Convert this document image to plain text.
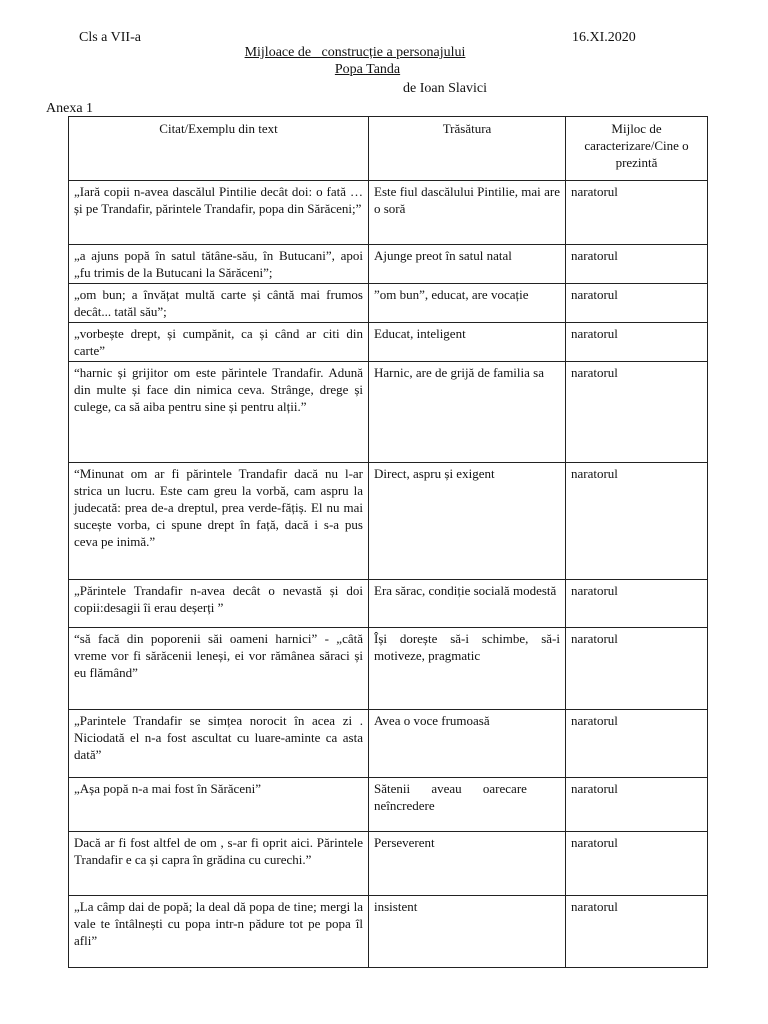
Cls a VII-a	16.XI.2020
Mijloace de   construcție a personajului
Popa Tanda
de Ioan Slavici
Anexa 1
Citat/Exemplu din text	Trăsătura	Mijloc de caracterizare/Cine o prezintă
„Iară copii n-avea dascălul Pintilie decât doi: o fată … și pe Trandafir, părintele Trandafir, popa din Sărăceni;”	Este fiul dascălului Pintilie, mai are o soră	naratorul
„a ajuns popă în satul tătâne-său, în Butucani”, apoi „fu trimis de la Butucani la Sărăceni”;	Ajunge preot în satul natal	naratorul
„om bun; a învățat multă carte și cântă mai frumos decât... tatăl său”;	”om bun”, educat, are vocație	naratorul
„vorbește drept, și cumpănit, ca și când ar citi din carte”	Educat, inteligent	naratorul
“harnic și grijitor om este părintele Trandafir. Adună din multe și face din nimica ceva. Strânge, drege și culege, ca să aiba pentru sine și pentru alții.”	Harnic, are de grijă de familia sa	naratorul
“Minunat om ar fi părintele Trandafir dacă nu l-ar strica un lucru. Este cam greu la vorbă, cam aspru la judecată: prea de-a dreptul, prea verde-fățiș. El nu mai sucește vorba, ci spune drept în față, dacă i s-a pus ceva pe inimă.”	Direct, aspru și exigent	naratorul
„Părintele Trandafir n-avea decât o nevastă și doi copii:desagii îi erau deșerți ”	Era sărac, condiție socială modestă	naratorul
“să facă din poporenii săi oameni harnici” - „câtă vreme vor fi sărăcenii leneși, ei vor rămânea săraci și eu flămând”	Își dorește să-i schimbe, să-i motiveze, pragmatic	naratorul
„Parintele Trandafir se simțea norocit în acea zi . Niciodată el n-a fost ascultat cu luare-aminte ca asta dată”	Avea o voce frumoasă	naratorul
„Așa popă n-a mai fost în Sărăceni”	Sătenii aveau oarecare neîncredere	naratorul
Dacă ar fi fost altfel de om , s-ar fi oprit aici. Părintele Trandafir e ca și capra în grădina cu curechi.”	Perseverent	naratorul
„La câmp dai de popă; la deal dă popa de tine; mergi la vale te întâlnești cu popa intr-n pădure tot pe popa îl afli”	insistent	naratorul
